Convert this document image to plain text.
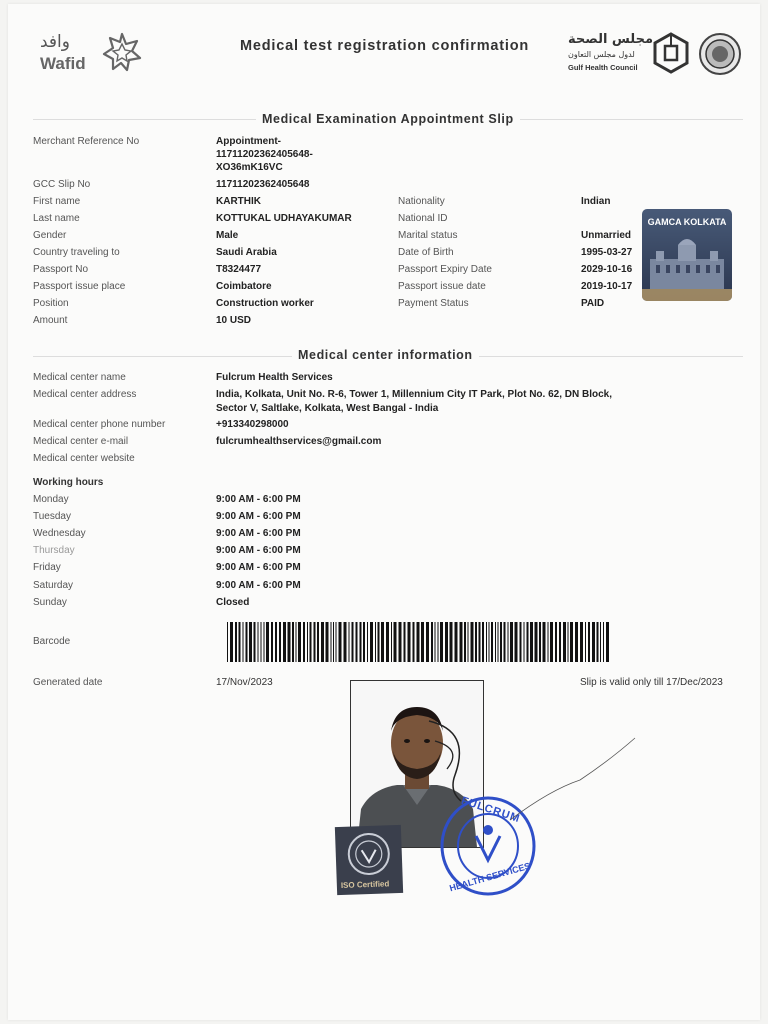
وافد
Wafid
Medical test registration confirmation	مجلس الصحة
لدول مجلس التعاون
Gulf Health Council
Medical Examination Appointment Slip
Merchant Reference No	Appointment-
11711202362405648-
XO36mK16VC
GCC Slip No	11711202362405648
First name	KARTHIK
Last name	KOTTUKAL UDHAYAKUMAR
Gender	Male
Country traveling to	Saudi Arabia
Passport No	T8324477
Passport issue place	Coimbatore
Position	Construction worker
Amount	10 USD
Nationality	Indian
National ID
Marital status	Unmarried
Date of Birth	1995-03-27
Passport Expiry Date	2029-10-16
Passport issue date	2019-10-17
Payment Status	PAID
GAMCA KOLKATA
Medical center information
Medical center name	Fulcrum Health Services
Medical center address	India, Kolkata, Unit No. R-6, Tower 1, Millennium City IT Park, Plot No. 62, DN Block,
Sector V, Saltlake, Kolkata, West Bangal - India
Medical center phone number	+913340298000
Medical center e-mail	fulcrumhealthservices@gmail.com
Medical center website
Working hours
Monday	9:00 AM - 6:00 PM
Tuesday	9:00 AM - 6:00 PM
Wednesday	9:00 AM - 6:00 PM
Thursday	9:00 AM - 6:00 PM
Friday	9:00 AM - 6:00 PM
Saturday	9:00 AM - 6:00 PM
Sunday	Closed
Barcode
Generated date	17/Nov/2023	Slip is valid only till 17/Dec/2023
ISO Certified
FULCRUM
HEALTH SERVICES
